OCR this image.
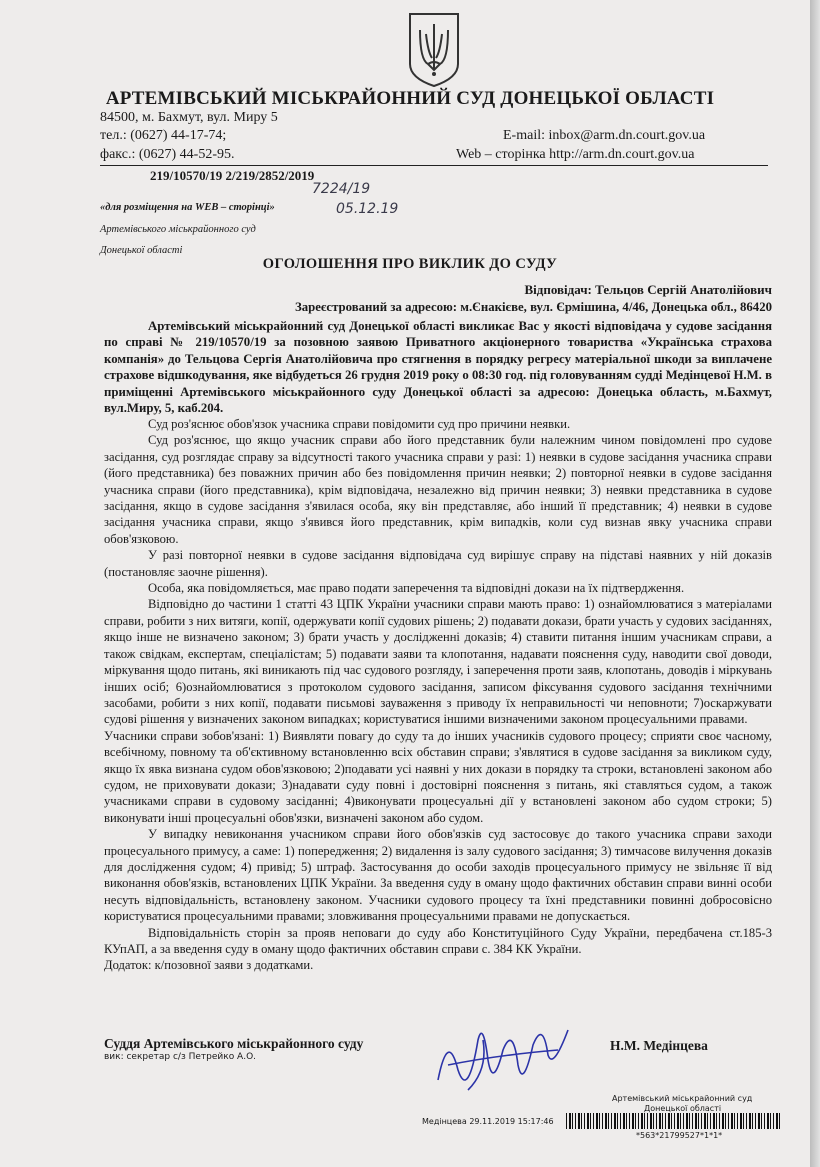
АРТЕМІВСЬКИЙ МІСЬКРАЙОННИЙ СУД ДОНЕЦЬКОЇ ОБЛАСТІ
84500, м. Бахмут, вул. Миру 5
тел.: (0627) 44-17-74;
факс.: (0627) 44-52-95.
E-mail: inbox@arm.dn.court.gov.ua
Web – сторінка http://arm.dn.court.gov.ua
219/10570/19 2/219/2852/2019
7224/19
05.12.19
«для розміщення на WEB – сторінці»
Артемівського міськрайонного суд
Донецької області
ОГОЛОШЕННЯ ПРО ВИКЛИК ДО СУДУ
Відповідач: Тельцов Сергій Анатолійович
Зареєстрований за адресою: м.Єнакієве, вул. Єрмішина, 4/46, Донецька обл., 86420

Артемівський міськрайонний суд Донецької області викликає Вас у якості відповідача у судове засідання по справі № 219/10570/19 за позовною заявою Приватного акціонерного товариства «Українська страхова компанія» до Тельцова Сергія Анатолійовича про стягнення в порядку регресу матеріальної шкоди за виплачене страхове відшкодування, яке відбудеться 26 грудня 2019 року о 08:30 год. під головуванням судді Медінцевої Н.М. в приміщенні Артемівського міськрайонного суду Донецької області за адресою: Донецька область, м.Бахмут, вул.Миру, 5, каб.204.

Суд роз'яснює обов'язок учасника справи повідомити суд про причини неявки.

Суд роз'яснює, що якщо учасник справи або його представник були належним чином повідомлені про судове засідання, суд розглядає справу за відсутності такого учасника справи у разі: 1) неявки в судове засідання учасника справи (його представника) без поважних причин або без повідомлення причин неявки; 2) повторної неявки в судове засідання учасника справи (його представника), крім відповідача, незалежно від причин неявки; 3) неявки представника в судове засідання, якщо в судове засідання з'явилася особа, яку він представляє, або інший її представник; 4) неявки в судове засідання учасника справи, якщо з'явився його представник, крім випадків, коли суд визнав явку учасника справи обов'язковою.

У разі повторної неявки в судове засідання відповідача суд вирішує справу на підставі наявних у ній доказів (постановляє заочне рішення).

Особа, яка повідомляється, має право подати заперечення та відповідні докази на їх підтвердження.

Відповідно до частини 1 статті 43 ЦПК України учасники справи мають право: 1) ознайомлюватися з матеріалами справи, робити з них витяги, копії, одержувати копії судових рішень; 2) подавати докази, брати участь у судових засіданнях, якщо інше не визначено законом; 3) брати участь у дослідженні доказів; 4) ставити питання іншим учасникам справи, а також свідкам, експертам, спеціалістам; 5) подавати заяви та клопотання, надавати пояснення суду, наводити свої доводи, міркування щодо питань, які виникають під час судового розгляду, і заперечення проти заяв, клопотань, доводів і міркувань інших осіб; 6)ознайомлюватися з протоколом судового засідання, записом фіксування судового засідання технічними засобами, робити з них копії, подавати письмові зауваження з приводу їх неправильності чи неповноти; 7)оскаржувати судові рішення у визначених законом випадках; користуватися іншими визначеними законом процесуальними правами.

Учасники справи зобов'язані: 1) Виявляти повагу до суду та до інших учасників судового процесу; сприяти своє часному, всебічному, повному та об'єктивному встановленню всіх обставин справи; з'являтися в судове засідання за викликом суду, якщо їх явка визнана судом обов'язковою; 2)подавати усі наявні у них докази в порядку та строки, встановлені законом або судом, не приховувати докази; 3)надавати суду повні і достовірні пояснення з питань, які ставляться судом, а також учасниками справи в судовому засіданні; 4)виконувати процесуальні дії у встановлені законом або судом строки; 5) виконувати інші процесуальні обов'язки, визначені законом або судом.

У випадку невиконання учасником справи його обов'язків суд застосовує до такого учасника справи заходи процесуального примусу, а саме: 1) попередження; 2) видалення із залу судового засідання; 3) тимчасове вилучення доказів для дослідження судом; 4) привід; 5) штраф. Застосування до особи заходів процесуального примусу не звільняє її від виконання обов'язків, встановлених ЦПК України. За введення суду в оману щодо фактичних обставин справи винні особи несуть відповідальність, встановлену законом. Учасники судового процесу та їхні представники повинні добросовісно користуватися процесуальними правами; зловживання процесуальними правами не допускається.

Відповідальність сторін за прояв неповаги до суду або Конституційного Суду України, передбачена ст.185-3 КУпАП, а за введення суду в оману щодо фактичних обставин справи с. 384 КК України.

Додаток: к/позовної заяви з додатками.

Суддя Артемівського міськрайонного суду
вик: секретар с/з Петрейко А.О.
Н.М. Медінцева
Артемівський міськрайонний суд
Донецької області
Медінцева 29.11.2019 15:17:46
*563*21799527*1*1*
